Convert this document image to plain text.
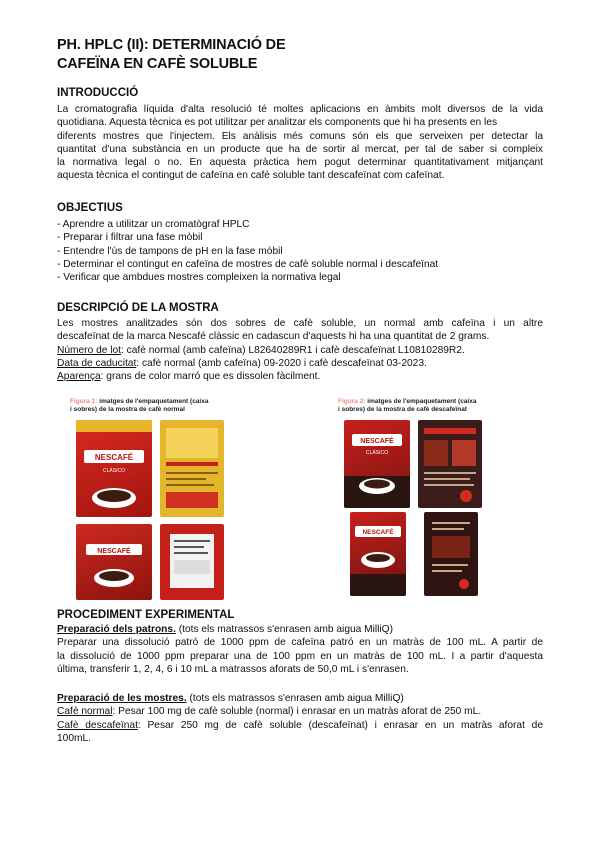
PH. HPLC (II): DETERMINACIÓ DE
CAFEÏNA EN CAFÈ SOLUBLE
INTRODUCCIÓ
La cromatografia líquida d'alta resolució té moltes aplicacions en àmbits molt diversos de la vida
quotidiana. Aquesta tècnica es pot utilitzar per analitzar els components que hi ha presents en les
diferents mostres que l'injectem. Els anàlisis més comuns són els que serveixen per detectar la
quantitat d'una substància en un producte que ha de sortir al mercat, per tal de saber si compleix
la normativa legal o no. En aquesta pràctica hem pogut determinar quantitativament mitjançant
aquesta tècnica el contingut de cafeïna en cafè soluble tant descafeïnat com cafeïnat.
OBJECTIUS
- Aprendre a utilitzar un cromatògraf HPLC
- Preparar i filtrar una fase mòbil
- Entendre l'ús de tampons de pH en la fase mòbil
- Determinar el contingut en cafeïna de mostres de cafè soluble normal i descafeïnat
- Verificar que ambdues mostres compleixen la normativa legal
DESCRIPCIÓ DE LA MOSTRA
Les mostres analitzades són dos sobres de cafè soluble, un normal amb cafeïna i un altre
descafeïnat de la marca Nescafé clàssic en cadascun d'aquests hi ha una quantitat de 2 grams.
Número de lot: cafè normal (amb cafeïna) L82640289R1 i cafè descafeïnat L10810289R2.
Data de caducitat: cafè normal (amb cafeïna) 09-2020 i cafè descafeïnat 03-2023.
Aparença: grans de color marró que es dissolen fàcilment.
Figura 1: imatges de l'empaquetament (caixa
i sobres) de la mostra de cafè normal
NESCAFÉ
CLÁSICO
NESCAFÉ
Figura 2: imatges de l'empaquetament (caixa
i sobres) de la mostra de cafè descafeïnat
NESCAFÉ
CLÁSICO
NESCAFÉ
PROCEDIMENT EXPERIMENTAL
Preparació dels patrons. (tots els matrassos s'enrasen amb aigua MilliQ)
Preparar una dissolució patró de 1000 ppm de cafeïna patró en un matràs de 100 mL. A partir de
la dissolució de 1000 ppm preparar una de 100 ppm en un matràs de 100 mL. I a partir d'aquesta
última, transferir 1, 2, 4, 6 i 10 mL a matrassos aforats de 50,0 mL i s'enrasen.
Preparació de les mostres. (tots els matrassos s'enrasen amb aigua MilliQ)
Cafè normal: Pesar 100 mg de cafè soluble (normal) i enrasar en un matràs aforat de 250 mL.
Cafè descafeïnat: Pesar 250 mg de cafè soluble (descafeïnat) i enrasar en un matràs aforat de
100mL.
